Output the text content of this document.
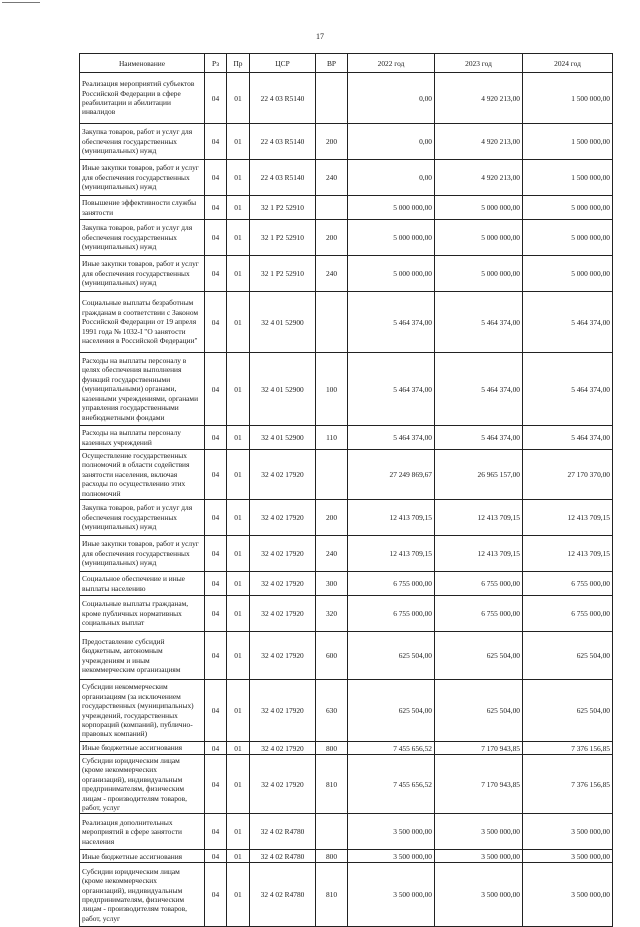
17
Наименование	Рз	Пр	ЦСР	ВР	2022 год	2023 год	2024 год
Реализация мероприятий субъектов Российской Федерации в сфере реабилитации и абилитации инвалидов	04	01	22 4 03 R5140		0,00	4 920 213,00	1 500 000,00
Закупка товаров, работ и услуг для обеспечения государственных (муниципальных) нужд	04	01	22 4 03 R5140	200	0,00	4 920 213,00	1 500 000,00
Иные закупки товаров, работ и услуг для обеспечения государственных (муниципальных) нужд	04	01	22 4 03 R5140	240	0,00	4 920 213,00	1 500 000,00
Повышение эффективности службы занятости	04	01	32 1 P2 52910		5 000 000,00	5 000 000,00	5 000 000,00
Закупка товаров, работ и услуг для обеспечения государственных (муниципальных) нужд	04	01	32 1 P2 52910	200	5 000 000,00	5 000 000,00	5 000 000,00
Иные закупки товаров, работ и услуг для обеспечения государственных (муниципальных) нужд	04	01	32 1 P2 52910	240	5 000 000,00	5 000 000,00	5 000 000,00
Социальные выплаты безработным гражданам в соответствии с Законом Российской Федерации от 19 апреля 1991 года № 1032-I "О занятости населения в Российской Федерации"	04	01	32 4 01 52900		5 464 374,00	5 464 374,00	5 464 374,00
Расходы на выплаты персоналу в целях обеспечения выполнения функций государственными (муниципальными) органами, казенными учреждениями, органами управления государственными внебюджетными фондами	04	01	32 4 01 52900	100	5 464 374,00	5 464 374,00	5 464 374,00
Расходы на выплаты персоналу казенных учреждений	04	01	32 4 01 52900	110	5 464 374,00	5 464 374,00	5 464 374,00
Осуществление государственных полномочий в области содействия занятости населения, включая расходы по осуществлению этих полномочий	04	01	32 4 02 17920		27 249 869,67	26 965 157,00	27 170 370,00
Закупка товаров, работ и услуг для обеспечения государственных (муниципальных) нужд	04	01	32 4 02 17920	200	12 413 709,15	12 413 709,15	12 413 709,15
Иные закупки товаров, работ и услуг для обеспечения государственных (муниципальных) нужд	04	01	32 4 02 17920	240	12 413 709,15	12 413 709,15	12 413 709,15
Социальное обеспечение и иные выплаты населению	04	01	32 4 02 17920	300	6 755 000,00	6 755 000,00	6 755 000,00
Социальные выплаты гражданам, кроме публичных нормативных социальных выплат	04	01	32 4 02 17920	320	6 755 000,00	6 755 000,00	6 755 000,00
Предоставление субсидий бюджетным, автономным учреждениям и иным некоммерческим организациям	04	01	32 4 02 17920	600	625 504,00	625 504,00	625 504,00
Субсидии некоммерческим организациям (за исключением государственных (муниципальных) учреждений, государственных корпораций (компаний), публично-правовых компаний)	04	01	32 4 02 17920	630	625 504,00	625 504,00	625 504,00
Иные бюджетные ассигнования	04	01	32 4 02 17920	800	7 455 656,52	7 170 943,85	7 376 156,85
Субсидии юридическим лицам (кроме некоммерческих организаций), индивидуальным предпринимателям, физическим лицам - производителям товаров, работ, услуг	04	01	32 4 02 17920	810	7 455 656,52	7 170 943,85	7 376 156,85
Реализация дополнительных мероприятий в сфере занятости населения	04	01	32 4 02 R4780		3 500 000,00	3 500 000,00	3 500 000,00
Иные бюджетные ассигнования	04	01	32 4 02 R4780	800	3 500 000,00	3 500 000,00	3 500 000,00
Субсидии юридическим лицам (кроме некоммерческих организаций), индивидуальным предпринимателям, физическим лицам - производителям товаров, работ, услуг	04	01	32 4 02 R4780	810	3 500 000,00	3 500 000,00	3 500 000,00
